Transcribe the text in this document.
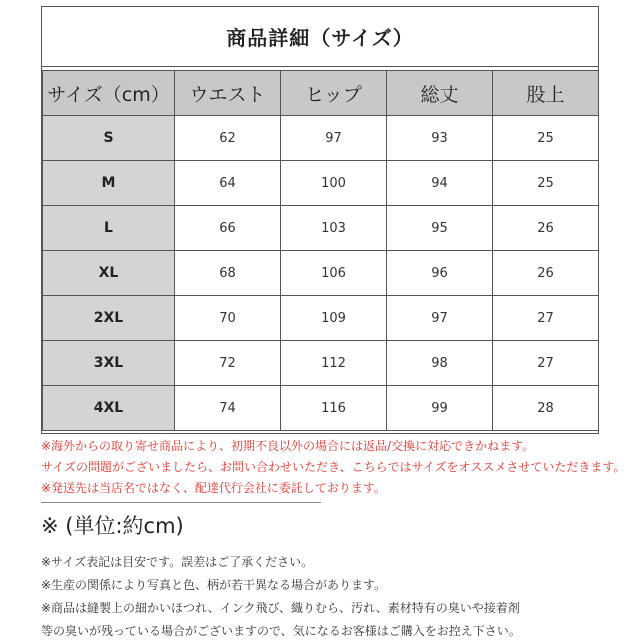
商品詳細（サイズ）
サイズ（cm）	ウエスト	ヒップ	総丈	股上
S	62	97	93	25
M	64	100	94	25
L	66	103	95	26
XL	68	106	96	26
2XL	70	109	97	27
3XL	72	112	98	27
4XL	74	116	99	28
※海外からの取り寄せ商品により、初期不良以外の場合には返品/交換に対応できかねます。
サイズの問題がございましたら、お問い合わせいただき、こちらではサイズをオススメさせていただきます。
※発送先は当店名ではなく、配達代行会社に委託しております。
※ (単位:約cm)
※サイズ表記は目安です。誤差はご了承ください。
※生産の関係により写真と色、柄が若干異なる場合があります。
※商品は縫製上の細かいほつれ、インク飛び、織りむら、汚れ、素材特有の臭いや接着剤
等の臭いが残っている場合がございますので、気になるお客様はご購入をお控え下さい。
